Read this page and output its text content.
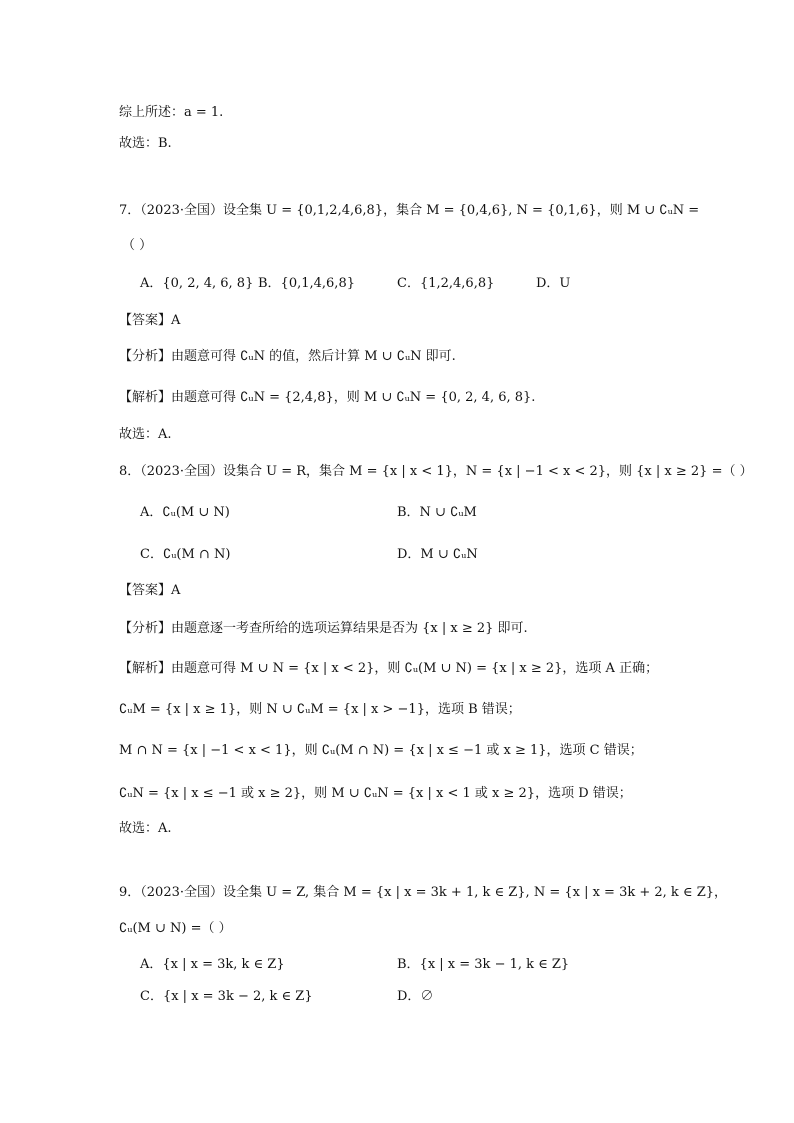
综上所述：a = 1.
故选：B.
7．（2023·全国）设全集 U = {0,1,2,4,6,8}，集合 M = {0,4,6}, N = {0,1,6}，则 M ∪ ∁ᵤN =
（ ）
A．{0, 2, 4, 6, 8} B．{0,1,4,6,8}	C．{1,2,4,6,8}	D．U
【答案】A
【分析】由题意可得 ∁ᵤN 的值，然后计算 M ∪ ∁ᵤN 即可.
【解析】由题意可得 ∁ᵤN = {2,4,8}，则 M ∪ ∁ᵤN = {0, 2, 4, 6, 8}.
故选：A.
8．（2023·全国）设集合 U = R，集合 M = {x | x < 1}，N = {x | −1 < x < 2}，则 {x | x ≥ 2} =（ ）
A．∁ᵤ(M ∪ N)	B．N ∪ ∁ᵤM
C．∁ᵤ(M ∩ N)	D．M ∪ ∁ᵤN
【答案】A
【分析】由题意逐一考查所给的选项运算结果是否为 {x | x ≥ 2} 即可.
【解析】由题意可得 M ∪ N = {x | x < 2}，则 ∁ᵤ(M ∪ N) = {x | x ≥ 2}，选项 A 正确；
∁ᵤM = {x | x ≥ 1}，则 N ∪ ∁ᵤM = {x | x > −1}，选项 B 错误；
M ∩ N = {x | −1 < x < 1}，则 ∁ᵤ(M ∩ N) = {x | x ≤ −1 或 x ≥ 1}，选项 C 错误；
∁ᵤN = {x | x ≤ −1 或 x ≥ 2}，则 M ∪ ∁ᵤN = {x | x < 1 或 x ≥ 2}，选项 D 错误；
故选：A.
9．（2023·全国）设全集 U = Z, 集合 M = {x | x = 3k + 1, k ∈ Z}, N = {x | x = 3k + 2, k ∈ Z}，
∁ᵤ(M ∪ N) =（ ）
A．{x | x = 3k, k ∈ Z}	B．{x | x = 3k − 1, k ∈ Z}
C．{x | x = 3k − 2, k ∈ Z}	D．∅
